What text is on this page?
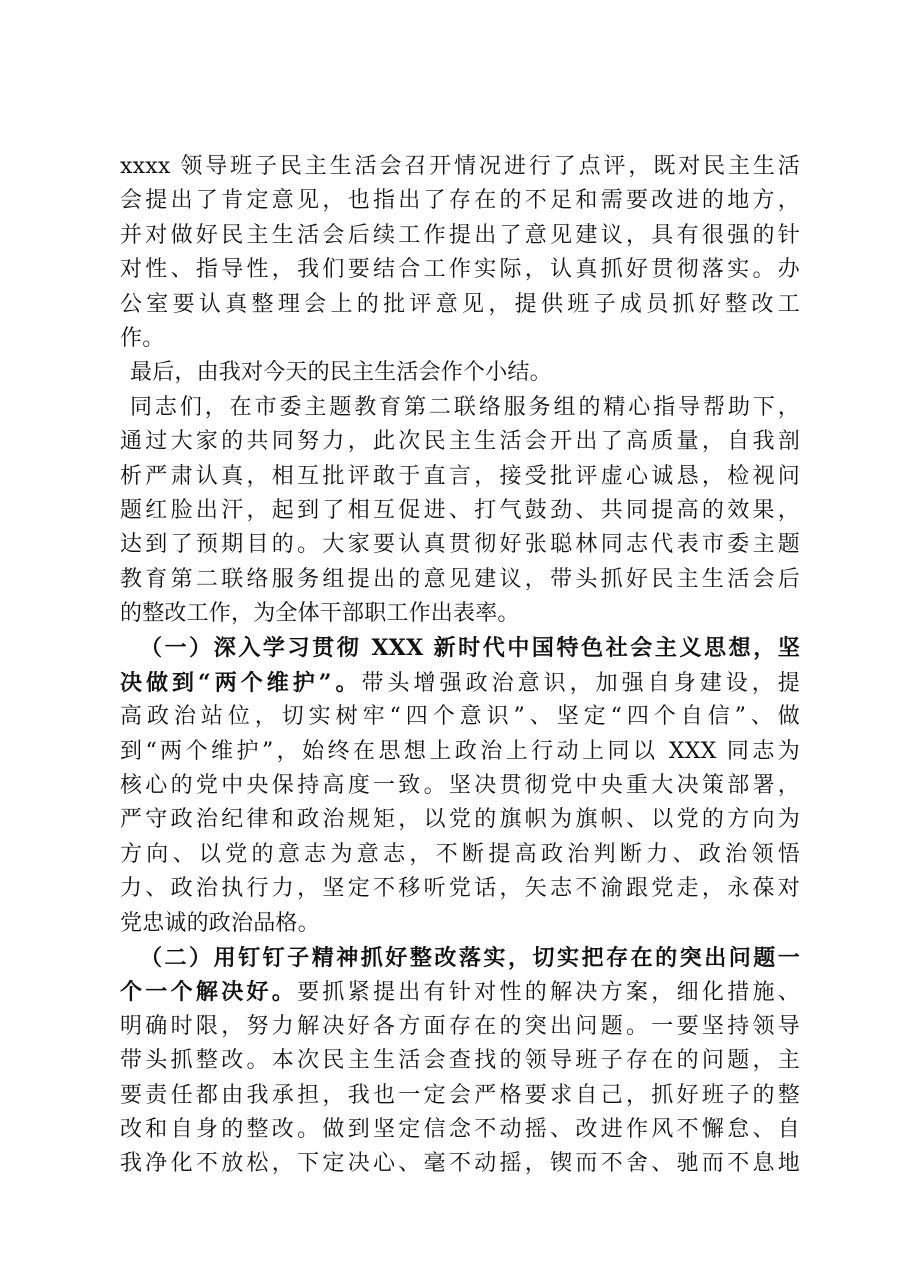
xxxx 领导班子民主生活会召开情况进行了点评，既对民主生活
会提出了肯定意见，也指出了存在的不足和需要改进的地方，
并对做好民主生活会后续工作提出了意见建议，具有很强的针
对性、指导性，我们要结合工作实际，认真抓好贯彻落实。办
公室要认真整理会上的批评意见，提供班子成员抓好整改工
作。
最后，由我对今天的民主生活会作个小结。
同志们，在市委主题教育第二联络服务组的精心指导帮助下，
通过大家的共同努力，此次民主生活会开出了高质量，自我剖
析严肃认真，相互批评敢于直言，接受批评虚心诚恳，检视问
题红脸出汗，起到了相互促进、打气鼓劲、共同提高的效果，
达到了预期目的。大家要认真贯彻好张聪林同志代表市委主题
教育第二联络服务组提出的意见建议，带头抓好民主生活会后
的整改工作，为全体干部职工作出表率。
（一）深入学习贯彻 XXX 新时代中国特色社会主义思想，坚
决做到“两个维护”。带头增强政治意识，加强自身建设，提
高政治站位，切实树牢“四个意识”、坚定“四个自信”、做
到“两个维护”，始终在思想上政治上行动上同以 XXX 同志为
核心的党中央保持高度一致。坚决贯彻党中央重大决策部署，
严守政治纪律和政治规矩，以党的旗帜为旗帜、以党的方向为
方向、以党的意志为意志，不断提高政治判断力、政治领悟
力、政治执行力，坚定不移听党话，矢志不渝跟党走，永葆对
党忠诚的政治品格。
（二）用钉钉子精神抓好整改落实，切实把存在的突出问题一
个一个解决好。要抓紧提出有针对性的解决方案，细化措施、
明确时限，努力解决好各方面存在的突出问题。一要坚持领导
带头抓整改。本次民主生活会查找的领导班子存在的问题，主
要责任都由我承担，我也一定会严格要求自己，抓好班子的整
改和自身的整改。做到坚定信念不动摇、改进作风不懈怠、自
我净化不放松，下定决心、毫不动摇，锲而不舍、驰而不息地
